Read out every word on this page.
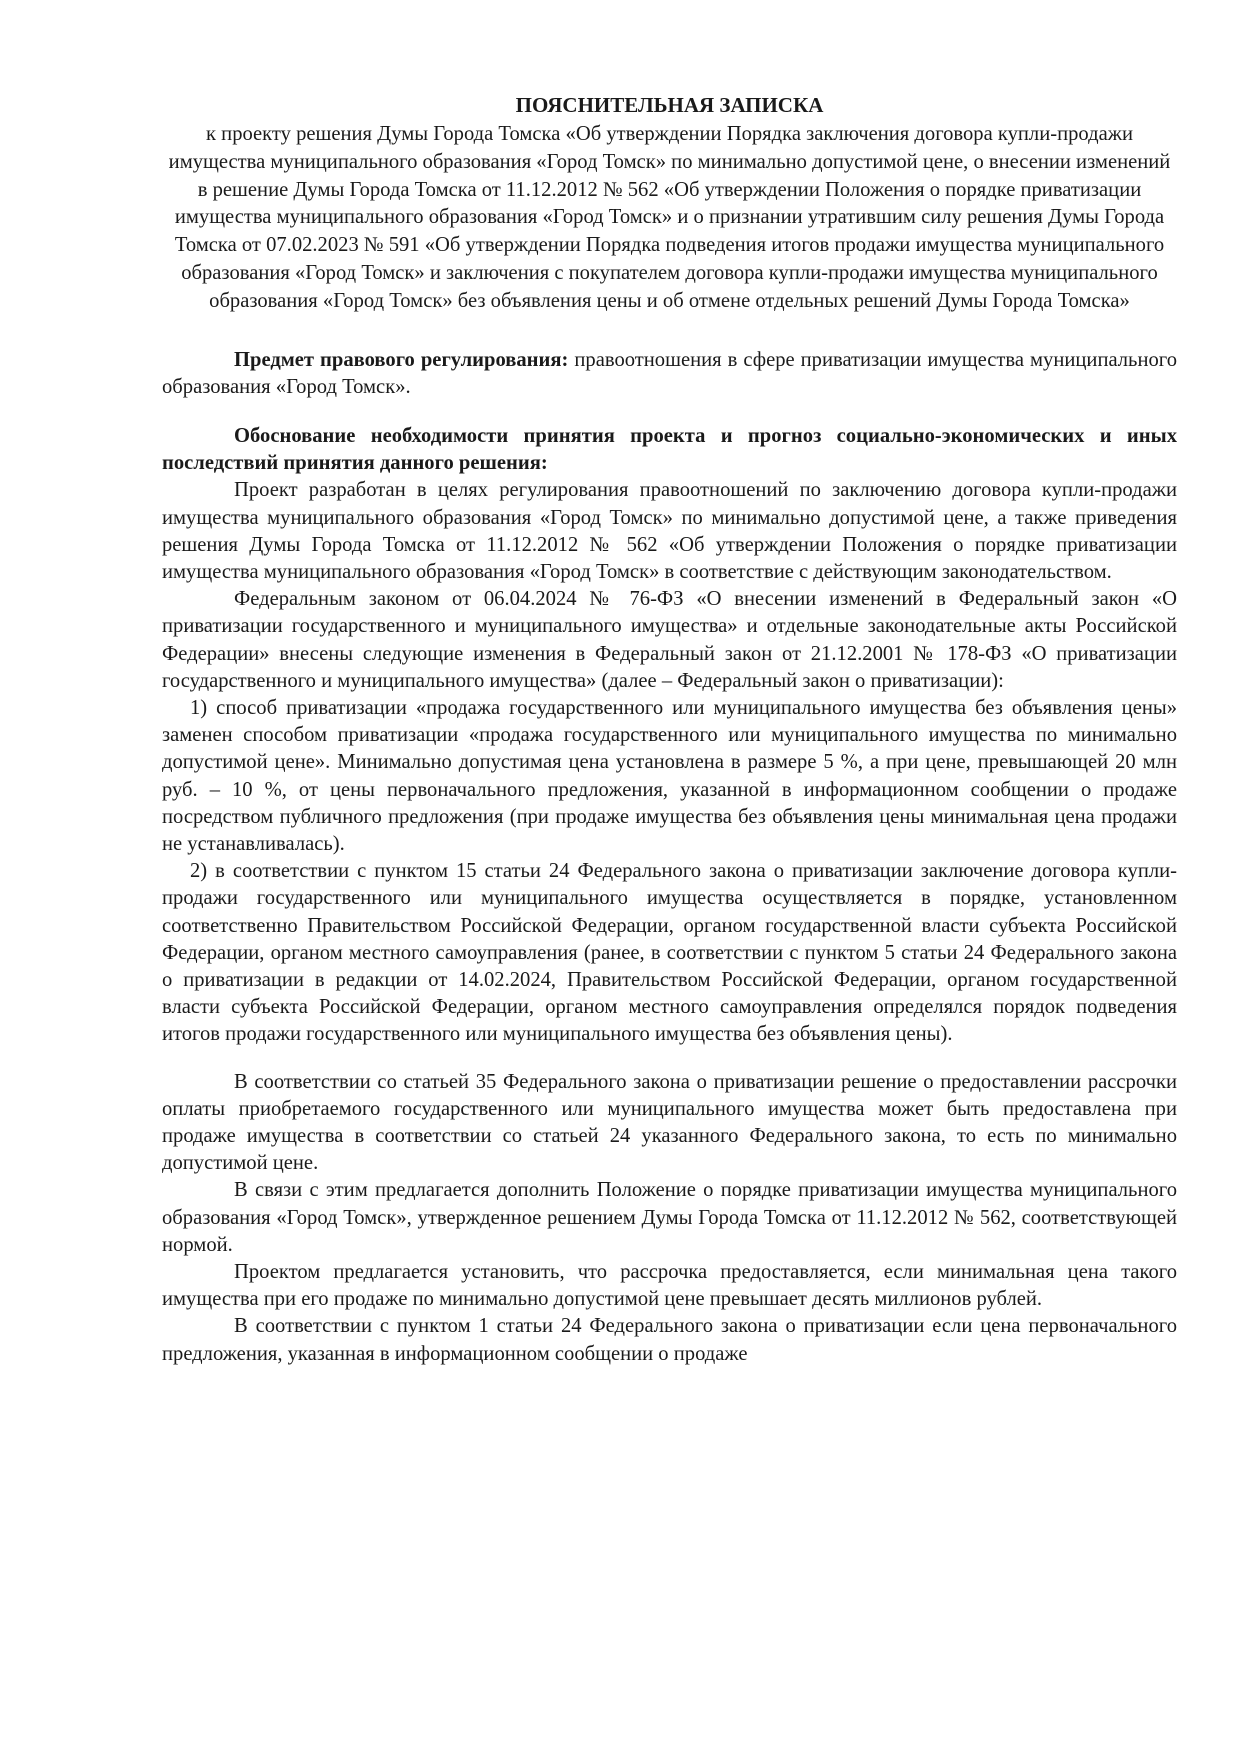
ПОЯСНИТЕЛЬНАЯ ЗАПИСКА

к проекту решения Думы Города Томска «Об утверждении Порядка заключения договора купли-продажи имущества муниципального образования «Город Томск» по минимально допустимой цене, о внесении изменений в решение Думы Города Томска от 11.12.2012 № 562 «Об утверждении Положения о порядке приватизации имущества муниципального образования «Город Томск» и о признании утратившим силу решения Думы Города Томска от 07.02.2023 № 591 «Об утверждении Порядка подведения итогов продажи имущества муниципального образования «Город Томск» и заключения с покупателем договора купли-продажи имущества муниципального образования «Город Томск» без объявления цены и об отмене отдельных решений Думы Города Томска»

Предмет правового регулирования: правоотношения в сфере приватизации имущества муниципального образования «Город Томск».

Обоснование необходимости принятия проекта и прогноз социально-экономических и иных последствий принятия данного решения:

Проект разработан в целях регулирования правоотношений по заключению договора купли-продажи имущества муниципального образования «Город Томск» по минимально допустимой цене, а также приведения решения Думы Города Томска от 11.12.2012 № 562 «Об утверждении Положения о порядке приватизации имущества муниципального образования «Город Томск» в соответствие с действующим законодательством.

Федеральным законом от 06.04.2024 № 76-ФЗ «О внесении изменений в Федеральный закон «О приватизации государственного и муниципального имущества» и отдельные законодательные акты Российской Федерации» внесены следующие изменения в Федеральный закон от 21.12.2001 № 178-ФЗ «О приватизации государственного и муниципального имущества» (далее – Федеральный закон о приватизации):

1) способ приватизации «продажа государственного или муниципального имущества без объявления цены» заменен способом приватизации «продажа государственного или муниципального имущества по минимально допустимой цене». Минимально допустимая цена установлена в размере 5 %, а при цене, превышающей 20 млн руб. – 10 %, от цены первоначального предложения, указанной в информационном сообщении о продаже посредством публичного предложения (при продаже имущества без объявления цены минимальная цена продажи не устанавливалась).

2) в соответствии с пунктом 15 статьи 24 Федерального закона о приватизации заключение договора купли-продажи государственного или муниципального имущества осуществляется в порядке, установленном соответственно Правительством Российской Федерации, органом государственной власти субъекта Российской Федерации, органом местного самоуправления (ранее, в соответствии с пунктом 5 статьи 24 Федерального закона о приватизации в редакции от 14.02.2024, Правительством Российской Федерации, органом государственной власти субъекта Российской Федерации, органом местного самоуправления определялся порядок подведения итогов продажи государственного или муниципального имущества без объявления цены).

В соответствии со статьей 35 Федерального закона о приватизации решение о предоставлении рассрочки оплаты приобретаемого государственного или муниципального имущества может быть предоставлена при продаже имущества в соответствии со статьей 24 указанного Федерального закона, то есть по минимально допустимой цене.

В связи с этим предлагается дополнить Положение о порядке приватизации имущества муниципального образования «Город Томск», утвержденное решением Думы Города Томска от 11.12.2012 № 562, соответствующей нормой.

Проектом предлагается установить, что рассрочка предоставляется, если минимальная цена такого имущества при его продаже по минимально допустимой цене превышает десять миллионов рублей.

В соответствии с пунктом 1 статьи 24 Федерального закона о приватизации если цена первоначального предложения, указанная в информационном сообщении о продаже
